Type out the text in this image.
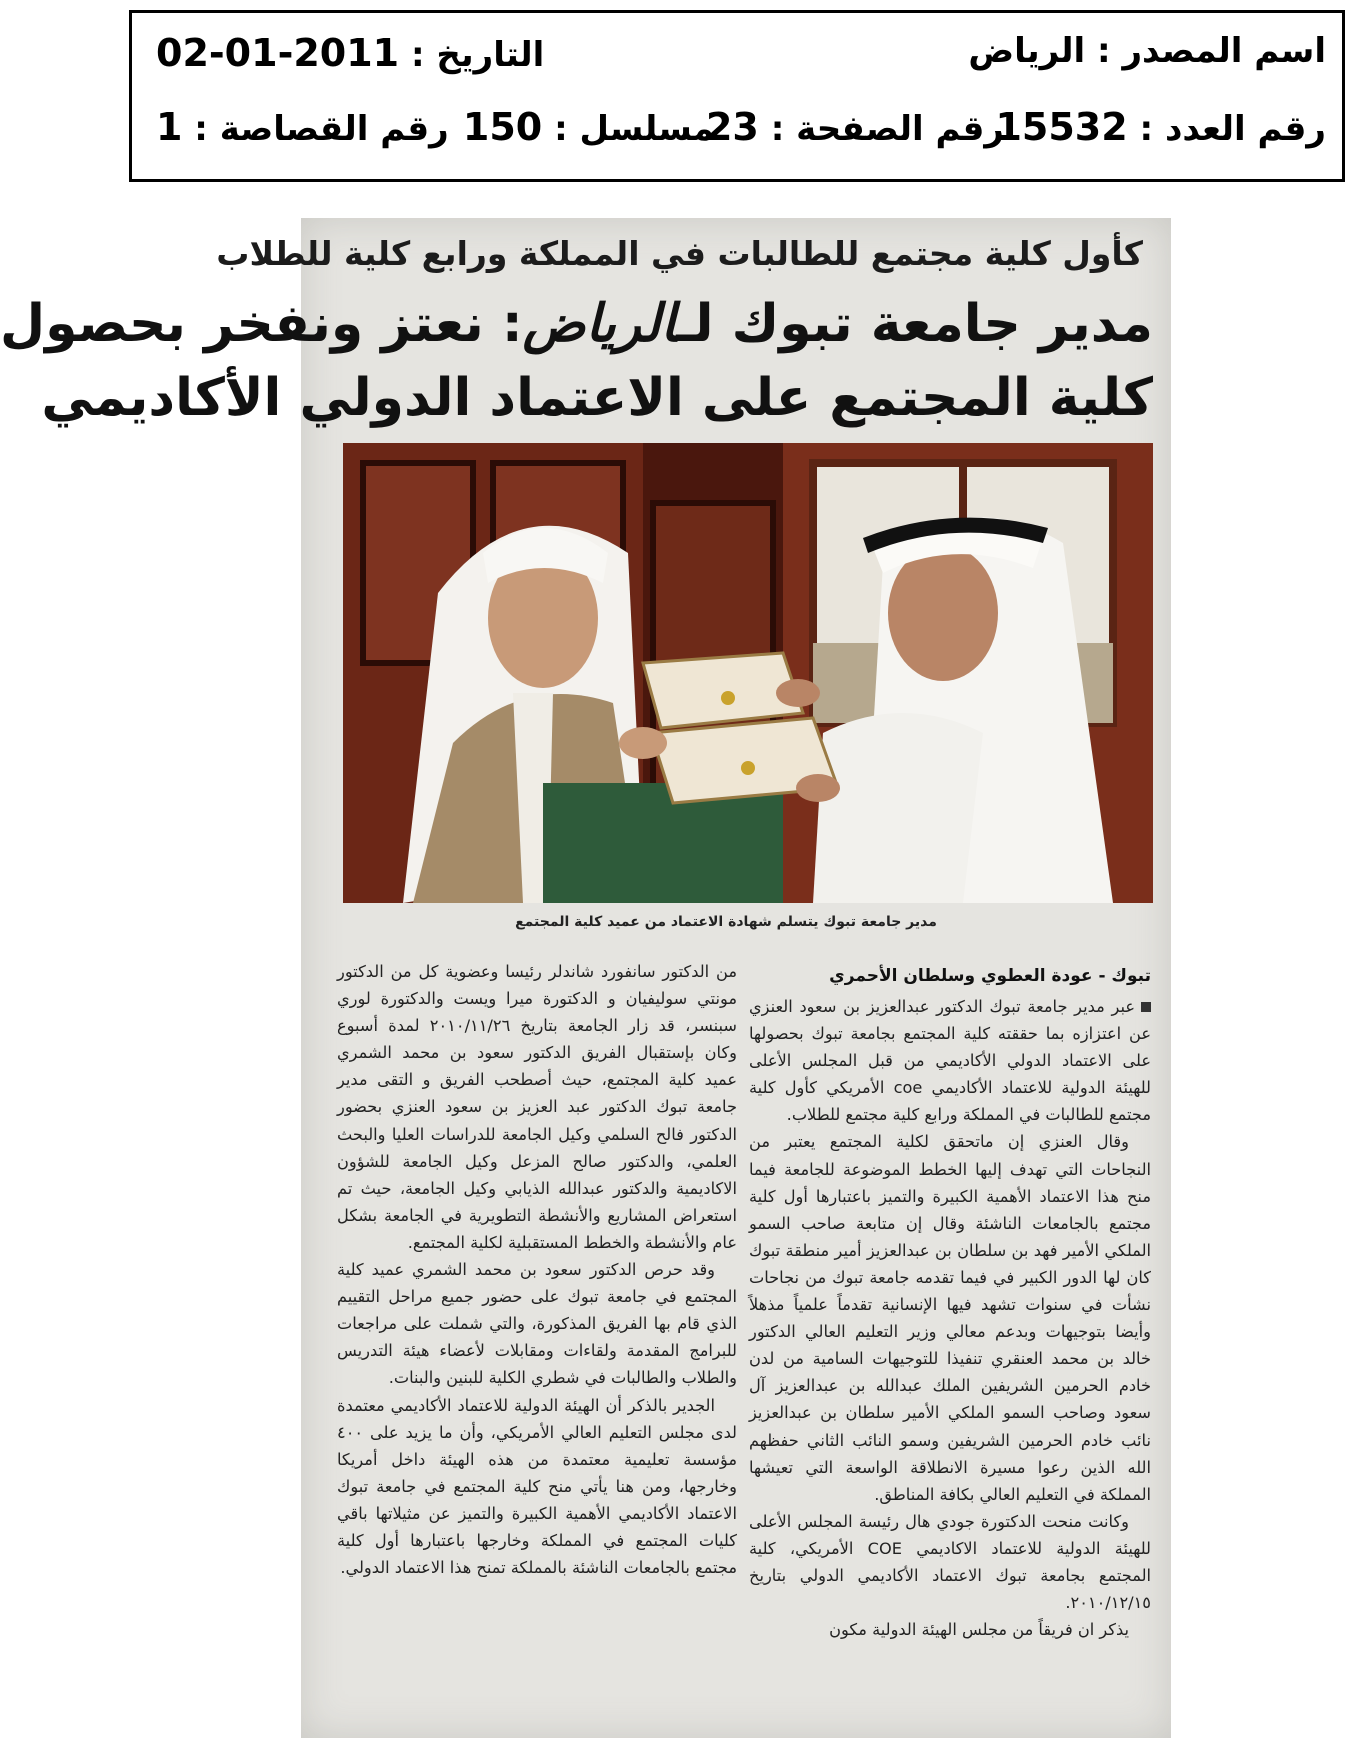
اسم المصدر : الرياض
التاريخ : 2011-01-02
رقم العدد : 15532
رقم الصفحة : 23
مسلسل : 150
رقم القصاصة : 1
كأول كلية مجتمع للطالبات في المملكة ورابع كلية للطلاب
مدير جامعة تبوك لـالرياض: نعتز ونفخر بحصول
كلية المجتمع على الاعتماد الدولي الأكاديمي
مدير جامعة تبوك يتسلم شهادة الاعتماد من عميد كلية المجتمع
تبوك - عودة العطوي وسلطان الأحمري

عبر مدير جامعة تبوك الدكتور عبدالعزيز بن سعود العنزي عن اعتزازه بما حققته كلية المجتمع بجامعة تبوك بحصولها على الاعتماد الدولي الأكاديمي من قبل المجلس الأعلى للهيئة الدولية للاعتماد الأكاديمي coe الأمريكي كأول كلية مجتمع للطالبات في المملكة ورابع كلية مجتمع للطلاب.

وقال العنزي إن ماتحقق لكلية المجتمع يعتبر من النجاحات التي تهدف إليها الخطط الموضوعة للجامعة فيما منح هذا الاعتماد الأهمية الكبيرة والتميز باعتبارها أول كلية مجتمع بالجامعات الناشئة وقال إن متابعة صاحب السمو الملكي الأمير فهد بن سلطان بن عبدالعزيز أمير منطقة تبوك كان لها الدور الكبير في فيما تقدمه جامعة تبوك من نجاحات نشأت في سنوات تشهد فيها الإنسانية تقدماً علمياً مذهلاً وأيضا بتوجيهات وبدعم معالي وزير التعليم العالي الدكتور خالد بن محمد العنقري تنفيذا للتوجيهات السامية من لدن خادم الحرمين الشريفين الملك عبدالله بن عبدالعزيز آل سعود وصاحب السمو الملكي الأمير سلطان بن عبدالعزيز نائب خادم الحرمين الشريفين وسمو النائب الثاني حفظهم الله الذين رعوا مسيرة الانطلاقة الواسعة التي تعيشها المملكة في التعليم العالي بكافة المناطق.

وكانت منحت الدكتورة جودي هال رئيسة المجلس الأعلى للهيئة الدولية للاعتماد الاكاديمي COE الأمريكي، كلية المجتمع بجامعة تبوك الاعتماد الأكاديمي الدولي بتاريخ ٢٠١٠/١٢/١٥.

يذكر ان فريقاً من مجلس الهيئة الدولية مكون

من الدكتور سانفورد شاندلر رئيسا وعضوية كل من الدكتور مونتي سوليفيان و الدكتورة ميرا ويست والدكتورة لوري سبنسر، قد زار الجامعة بتاريخ ٢٠١٠/١١/٢٦ لمدة أسبوع وكان بإستقبال الفريق الدكتور سعود بن محمد الشمري عميد كلية المجتمع، حيث أصطحب الفريق و التقى مدير جامعة تبوك الدكتور عبد العزيز بن سعود العنزي بحضور الدكتور فالح السلمي وكيل الجامعة للدراسات العليا والبحث العلمي، والدكتور صالح المزعل وكيل الجامعة للشؤون الاكاديمية والدكتور عبدالله الذيابي وكيل الجامعة، حيث تم استعراض المشاريع والأنشطة التطويرية في الجامعة بشكل عام والأنشطة والخطط المستقبلية لكلية المجتمع.

وقد حرص الدكتور سعود بن محمد الشمري عميد كلية المجتمع في جامعة تبوك على حضور جميع مراحل التقييم الذي قام بها الفريق المذكورة، والتي شملت على مراجعات للبرامج المقدمة ولقاءات ومقابلات لأعضاء هيئة التدريس والطلاب والطالبات في شطري الكلية للبنين والبنات.

الجدير بالذكر أن الهيئة الدولية للاعتماد الأكاديمي معتمدة لدى مجلس التعليم العالي الأمريكي، وأن ما يزيد على ٤٠٠ مؤسسة تعليمية معتمدة من هذه الهيئة داخل أمريكا وخارجها، ومن هنا يأتي منح كلية المجتمع في جامعة تبوك الاعتماد الأكاديمي الأهمية الكبيرة والتميز عن مثيلاتها باقي كليات المجتمع في المملكة وخارجها باعتبارها أول كلية مجتمع بالجامعات الناشئة بالمملكة تمنح هذا الاعتماد الدولي.
